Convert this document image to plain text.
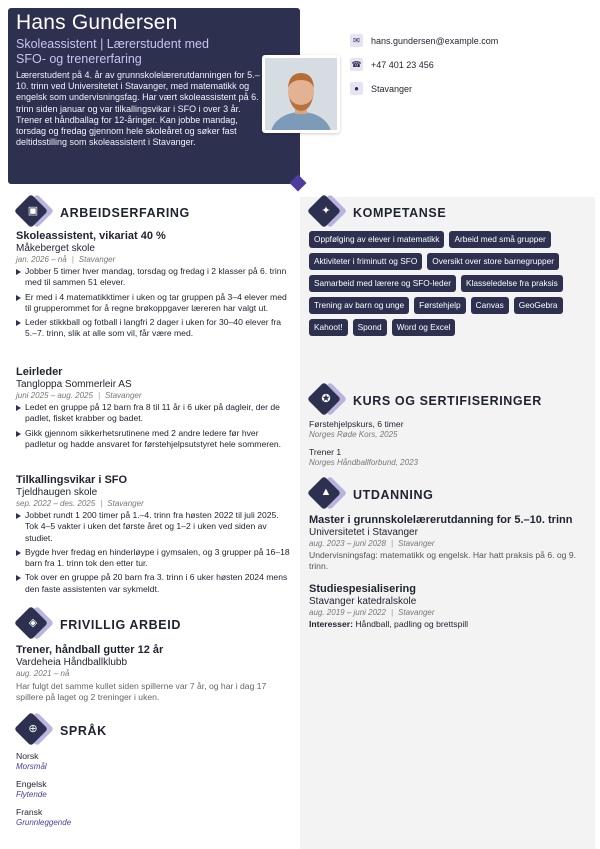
Hans Gundersen
Skoleassistent | Lærerstudent med SFO- og trenererfaring
Lærerstudent på 4. år av grunnskolelærerutdanningen for 5.–10. trinn ved Universitetet i Stavanger, med matematikk og engelsk som undervisningsfag. Har vært skoleassistent på 6. trinn siden januar og var tilkallingsvikar i SFO i over 3 år. Trener et håndballag for 12-åringer. Kan jobbe mandag, torsdag og fredag gjennom hele skoleåret og søker fast deltidsstilling som skoleassistent i Stavanger.
✉	hans.gundersen@example.com
☎ +47 401 23 456
●	Stavanger
▣	ARBEIDSERFARING
Skoleassistent, vikariat 40 %
Måkeberget skole
jan. 2026 – nå | Stavanger
Jobber 5 timer hver mandag, torsdag og fredag i 2 klasser på 6. trinn med til sammen 51 elever.
Er med i 4 matematikktimer i uken og tar gruppen på 3–4 elever med til grupperommet for å regne brøkoppgaver læreren har valgt ut.
Leder stikkball og fotball i langfri 2 dager i uken for 30–40 elever fra 5.–7. trinn, slik at alle som vil, får være med.
Leirleder
Tangloppa Sommerleir AS
juni 2025 – aug. 2025 | Stavanger
Ledet en gruppe på 12 barn fra 8 til 11 år i 6 uker på dagleir, der de padlet, fisket krabber og badet.
Gikk gjennom sikkerhetsrutinene med 2 andre ledere før hver padletur og hadde ansvaret for førstehjelpsutstyret hele sommeren.
Tilkallingsvikar i SFO
Tjeldhaugen skole
sep. 2022 – des. 2025 | Stavanger
Jobbet rundt 1 200 timer på 1.–4. trinn fra høsten 2022 til juli 2025. Tok 4–5 vakter i uken det første året og 1–2 i uken ved siden av studiet.
Bygde hver fredag en hinderløype i gymsalen, og 3 grupper på 16–18 barn fra 1. trinn tok den etter tur.
Tok over en gruppe på 20 barn fra 3. trinn i 6 uker høsten 2024 mens den faste assistenten var sykmeldt.
◈	FRIVILLIG ARBEID
Trener, håndball gutter 12 år
Vardeheia Håndballklubb
aug. 2021 – nå
Har fulgt det samme kullet siden spillerne var 7 år, og har i dag 17 spillere på laget og 2 treninger i uken.
⊕	SPRÅK
Norsk
Morsmål
Engelsk
Flytende
Fransk
Grunnleggende
✦	KOMPETANSE
Oppfølging av elever i matematikk	Arbeid med små grupper
Aktiviteter i friminutt og SFO	Oversikt over store barnegrupper
Samarbeid med lærere og SFO-leder	Klasseledelse fra praksis
Trening av barn og unge	Førstehjelp	Canvas	GeoGebra
Kahoot!	Spond	Word og Excel
✪	KURS OG SERTIFISERINGER
Førstehjelpskurs, 6 timer
Norges Røde Kors, 2025
Trener 1
Norges Håndballforbund, 2023
▲	UTDANNING
Master i grunnskolelærerutdanning for 5.–10. trinn
Universitetet i Stavanger
aug. 2023 – juni 2028 | Stavanger
Undervisningsfag: matematikk og engelsk. Har hatt praksis på 6. og 9. trinn.
Studiespesialisering
Stavanger katedralskole
aug. 2019 – juni 2022 | Stavanger
Interesser: Håndball, padling og brettspill
